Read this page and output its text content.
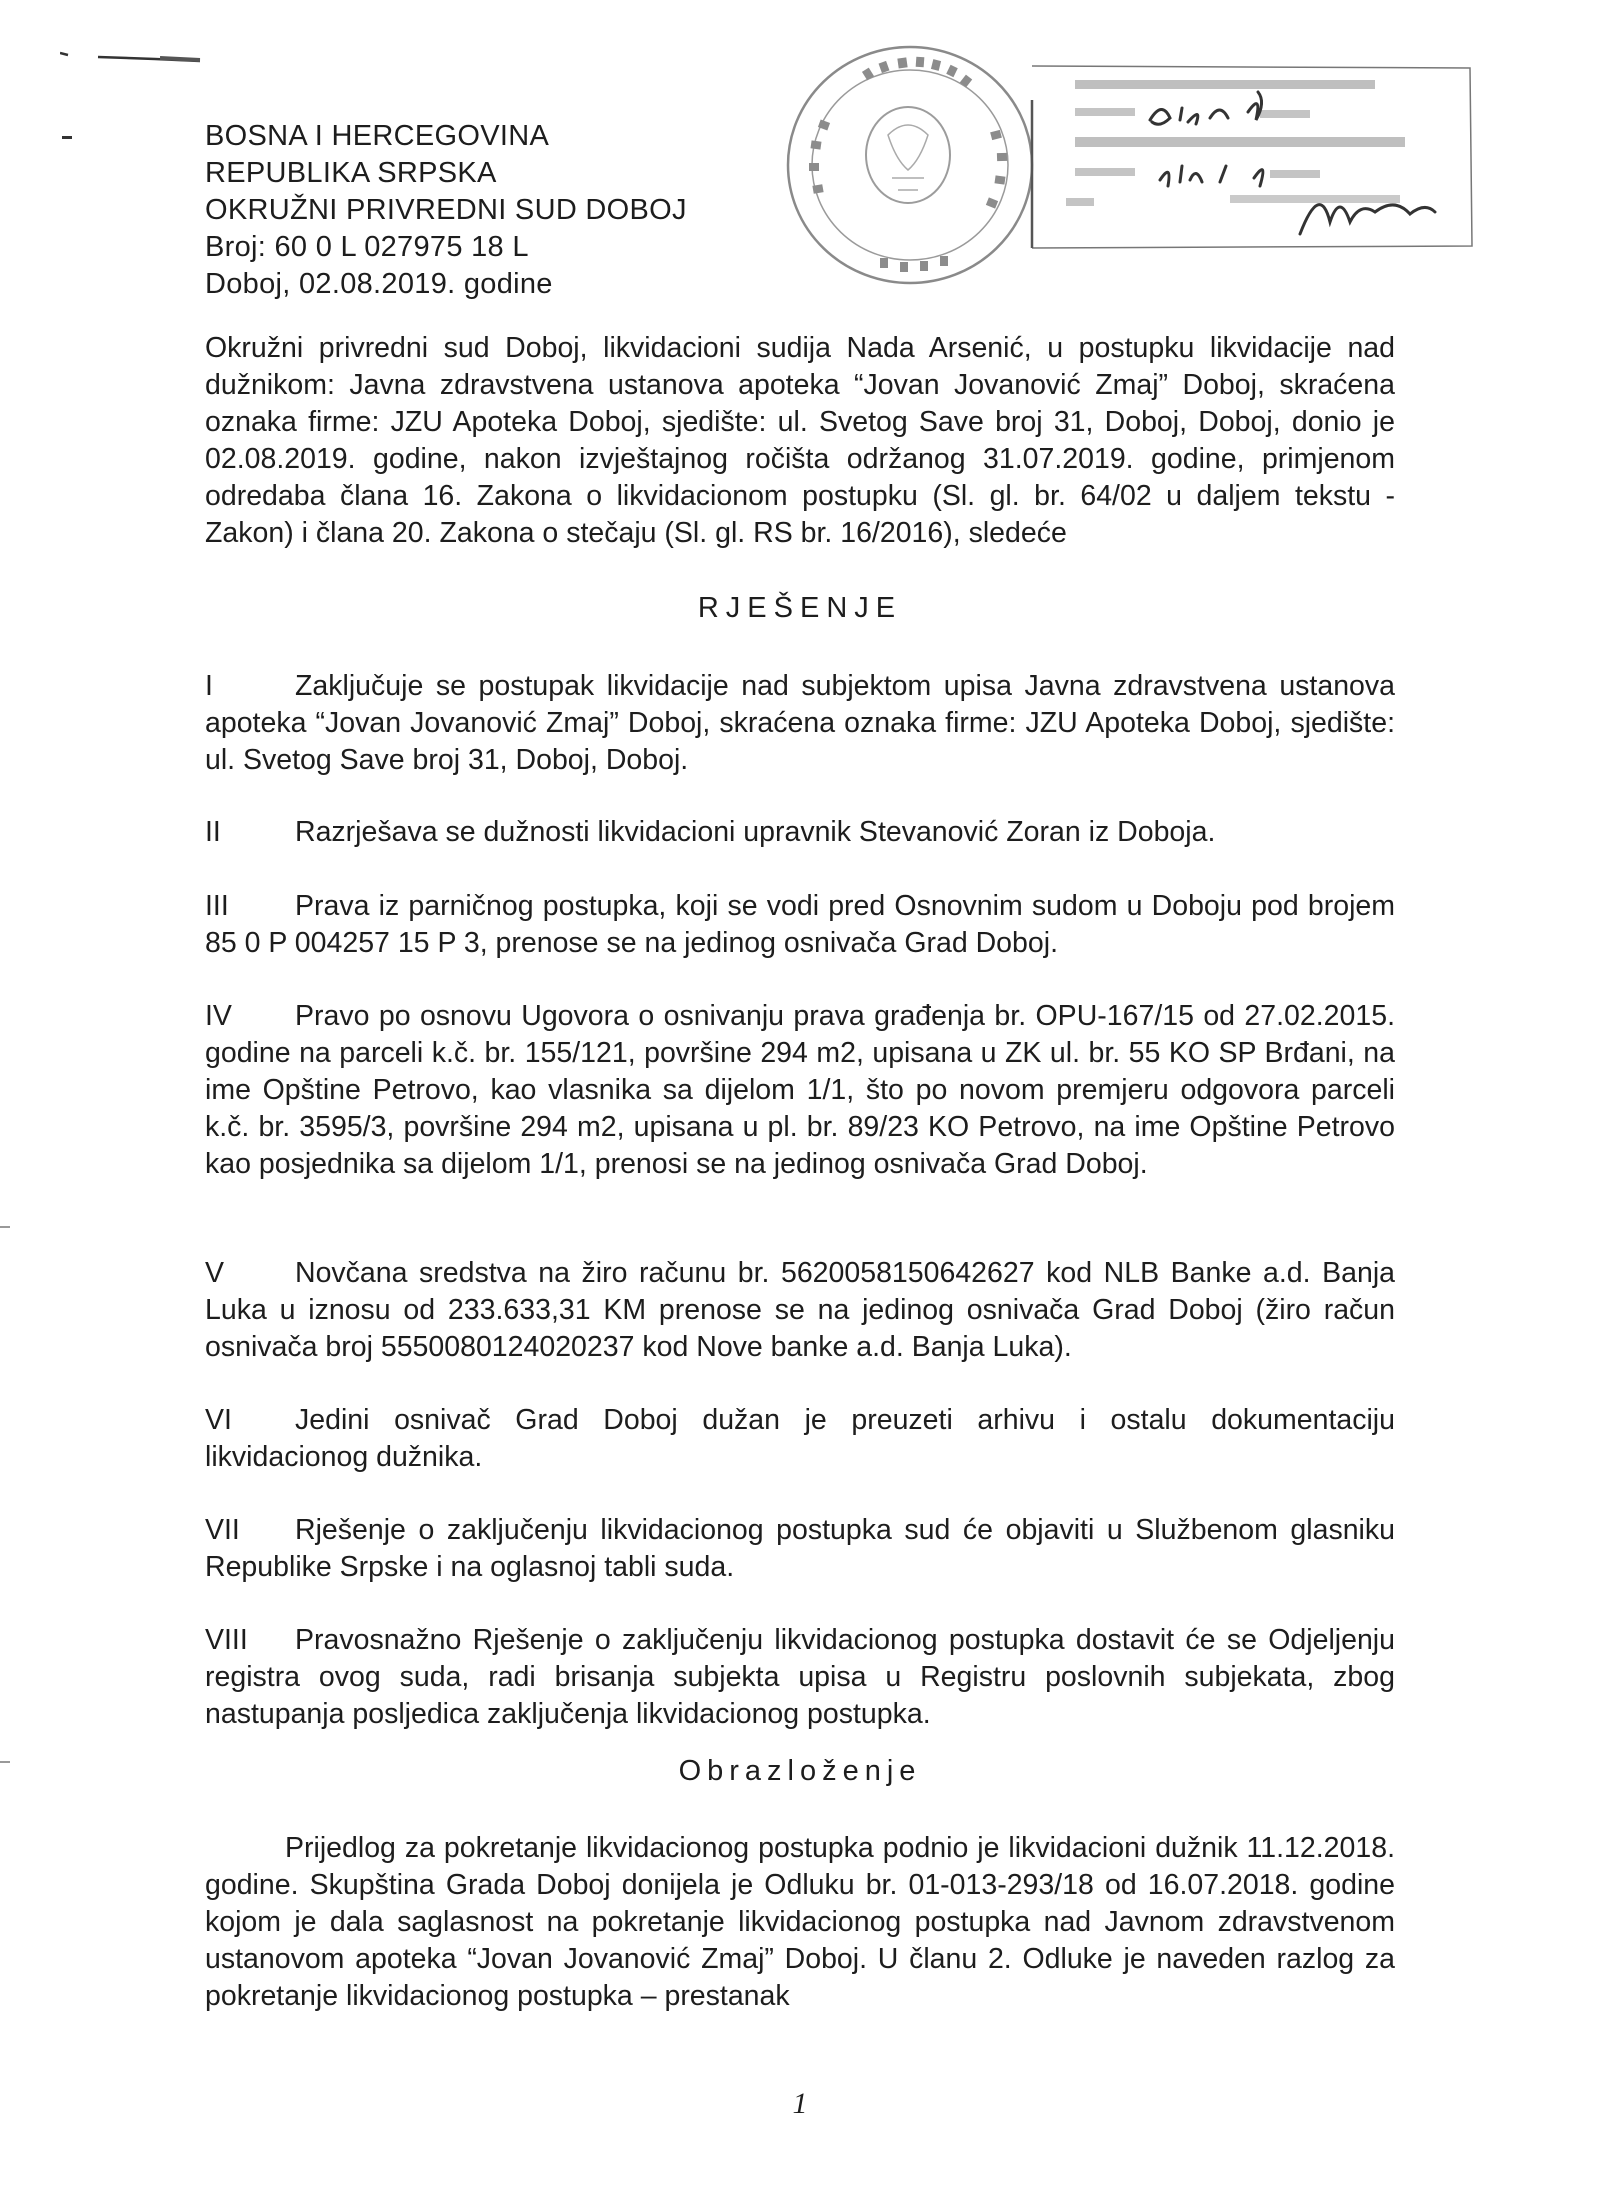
BOSNA I HERCEGOVINA
REPUBLIKA SRPSKA
OKRUŽNI PRIVREDNI SUD DOBOJ
Broj: 60 0 L 027975 18 L
Doboj, 02.08.2019. godine

Okružni privredni sud Doboj, likvidacioni sudija Nada Arsenić, u postupku likvidacije nad dužnikom: Javna zdravstvena ustanova apoteka “Jovan Jovanović Zmaj” Doboj, skraćena oznaka firme: JZU Apoteka Doboj, sjedište: ul. Svetog Save broj 31, Doboj, Doboj, donio je 02.08.2019. godine, nakon izvještajnog ročišta održanog 31.07.2019. godine, primjenom odredaba člana 16. Zakona o likvidacionom postupku (Sl. gl. br. 64/02 u daljem tekstu - Zakon) i člana 20. Zakona o stečaju (Sl. gl. RS br. 16/2016), sledeće

RJEŠENJE
I	Zaključuje se postupak likvidacije nad subjektom upisa Javna zdravstvena ustanova apoteka “Jovan Jovanović Zmaj” Doboj, skraćena oznaka firme: JZU Apoteka Doboj, sjedište: ul. Svetog Save broj 31, Doboj, Doboj.
II	Razrješava se dužnosti likvidacioni upravnik Stevanović Zoran iz Doboja.
III Prava iz parničnog postupka, koji se vodi pred Osnovnim sudom u Doboju pod brojem 85 0 P 004257 15 P 3, prenose se na jedinog osnivača Grad Doboj.
IV Pravo po osnovu Ugovora o osnivanju prava građenja br. OPU-167/15 od 27.02.2015. godine na parceli k.č. br. 155/121, površine 294 m2, upisana u ZK ul. br. 55 KO SP Brđani, na ime Opštine Petrovo, kao vlasnika sa dijelom 1/1, što po novom premjeru odgovora parceli k.č. br. 3595/3, površine 294 m2, upisana u pl. br. 89/23 KO Petrovo, na ime Opštine Petrovo kao posjednika sa dijelom 1/1, prenosi se na jedinog osnivača Grad Doboj.
V Novčana sredstva na žiro računu br. 5620058150642627 kod NLB Banke a.d. Banja Luka u iznosu od 233.633,31 KM prenose se na jedinog osnivača Grad Doboj (žiro račun osnivača broj 5550080124020237 kod Nove banke a.d. Banja Luka).
VI Jedini osnivač Grad Doboj dužan je preuzeti arhivu i ostalu dokumentaciju likvidacionog dužnika.
VII Rješenje o zaključenju likvidacionog postupka sud će objaviti u Službenom glasniku Republike Srpske i na oglasnoj tabli suda.
VIII Pravosnažno Rješenje o zaključenju likvidacionog postupka dostavit će se Odjeljenju registra ovog suda, radi brisanja subjekta upisa u Registru poslovnih subjekata, zbog nastupanja posljedica zaključenja likvidacionog postupka.
Obrazloženje

Prijedlog za pokretanje likvidacionog postupka podnio je likvidacioni dužnik 11.12.2018. godine. Skupština Grada Doboj donijela je Odluku br. 01-013-293/18 od 16.07.2018. godine kojom je dala saglasnost na pokretanje likvidacionog postupka nad Javnom zdravstvenom ustanovom apoteka “Jovan Jovanović Zmaj” Doboj. U članu 2. Odluke je naveden razlog za pokretanje likvidacionog postupka – prestanak

1
